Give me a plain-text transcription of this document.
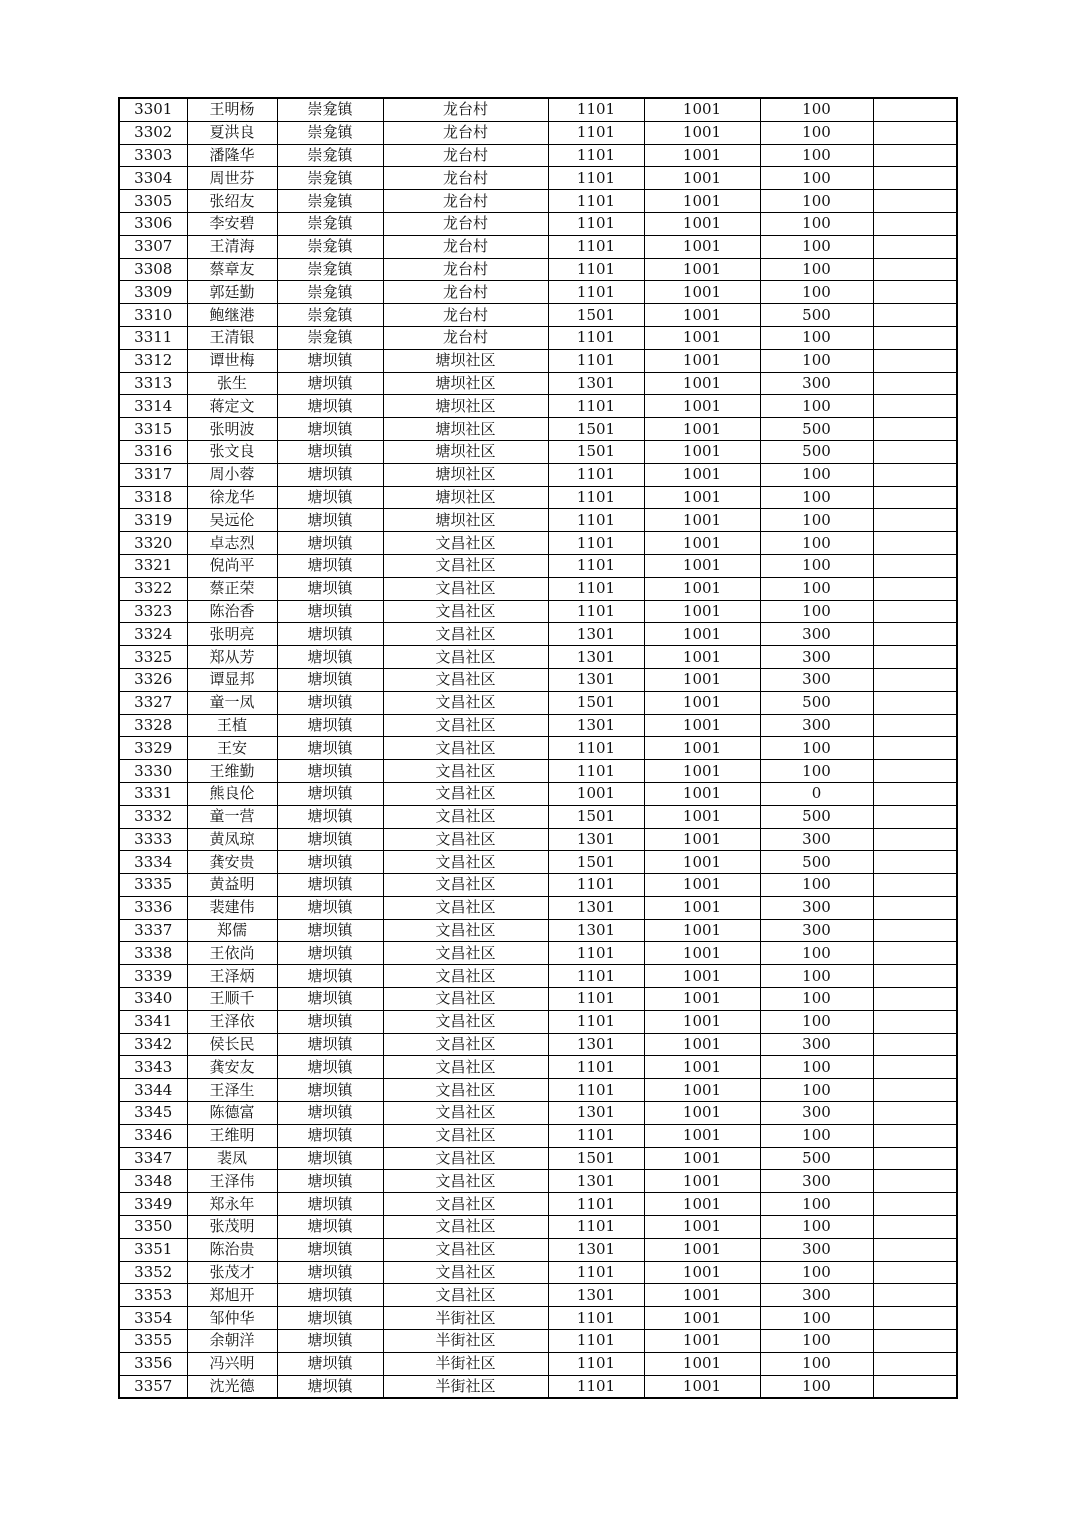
3301	王明杨	崇龛镇	龙台村	1101	1001	100	
3302	夏洪良	崇龛镇	龙台村	1101	1001	100	
3303	潘隆华	崇龛镇	龙台村	1101	1001	100	
3304	周世芬	崇龛镇	龙台村	1101	1001	100	
3305	张绍友	崇龛镇	龙台村	1101	1001	100	
3306	李安碧	崇龛镇	龙台村	1101	1001	100	
3307	王清海	崇龛镇	龙台村	1101	1001	100	
3308	蔡章友	崇龛镇	龙台村	1101	1001	100	
3309	郭廷勤	崇龛镇	龙台村	1101	1001	100	
3310	鲍继港	崇龛镇	龙台村	1501	1001	500	
3311	王清银	崇龛镇	龙台村	1101	1001	100	
3312	谭世梅	塘坝镇	塘坝社区	1101	1001	100	
3313	张生	塘坝镇	塘坝社区	1301	1001	300	
3314	蒋定文	塘坝镇	塘坝社区	1101	1001	100	
3315	张明波	塘坝镇	塘坝社区	1501	1001	500	
3316	张文良	塘坝镇	塘坝社区	1501	1001	500	
3317	周小蓉	塘坝镇	塘坝社区	1101	1001	100	
3318	徐龙华	塘坝镇	塘坝社区	1101	1001	100	
3319	吴远伦	塘坝镇	塘坝社区	1101	1001	100	
3320	卓志烈	塘坝镇	文昌社区	1101	1001	100	
3321	倪尚平	塘坝镇	文昌社区	1101	1001	100	
3322	蔡正荣	塘坝镇	文昌社区	1101	1001	100	
3323	陈治香	塘坝镇	文昌社区	1101	1001	100	
3324	张明亮	塘坝镇	文昌社区	1301	1001	300	
3325	郑从芳	塘坝镇	文昌社区	1301	1001	300	
3326	谭显邦	塘坝镇	文昌社区	1301	1001	300	
3327	童一凤	塘坝镇	文昌社区	1501	1001	500	
3328	王植	塘坝镇	文昌社区	1301	1001	300	
3329	王安	塘坝镇	文昌社区	1101	1001	100	
3330	王维勤	塘坝镇	文昌社区	1101	1001	100	
3331	熊良伦	塘坝镇	文昌社区	1001	1001	0	
3332	童一营	塘坝镇	文昌社区	1501	1001	500	
3333	黄凤琼	塘坝镇	文昌社区	1301	1001	300	
3334	龚安贵	塘坝镇	文昌社区	1501	1001	500	
3335	黄益明	塘坝镇	文昌社区	1101	1001	100	
3336	裴建伟	塘坝镇	文昌社区	1301	1001	300	
3337	郑儒	塘坝镇	文昌社区	1301	1001	300	
3338	王依尚	塘坝镇	文昌社区	1101	1001	100	
3339	王泽炳	塘坝镇	文昌社区	1101	1001	100	
3340	王顺千	塘坝镇	文昌社区	1101	1001	100	
3341	王泽依	塘坝镇	文昌社区	1101	1001	100	
3342	侯长民	塘坝镇	文昌社区	1301	1001	300	
3343	龚安友	塘坝镇	文昌社区	1101	1001	100	
3344	王泽生	塘坝镇	文昌社区	1101	1001	100	
3345	陈德富	塘坝镇	文昌社区	1301	1001	300	
3346	王维明	塘坝镇	文昌社区	1101	1001	100	
3347	裴凤	塘坝镇	文昌社区	1501	1001	500	
3348	王泽伟	塘坝镇	文昌社区	1301	1001	300	
3349	郑永年	塘坝镇	文昌社区	1101	1001	100	
3350	张茂明	塘坝镇	文昌社区	1101	1001	100	
3351	陈治贵	塘坝镇	文昌社区	1301	1001	300	
3352	张茂才	塘坝镇	文昌社区	1101	1001	100	
3353	郑旭开	塘坝镇	文昌社区	1301	1001	300	
3354	邹仲华	塘坝镇	半街社区	1101	1001	100	
3355	余朝洋	塘坝镇	半街社区	1101	1001	100	
3356	冯兴明	塘坝镇	半街社区	1101	1001	100	
3357	沈光德	塘坝镇	半街社区	1101	1001	100	
